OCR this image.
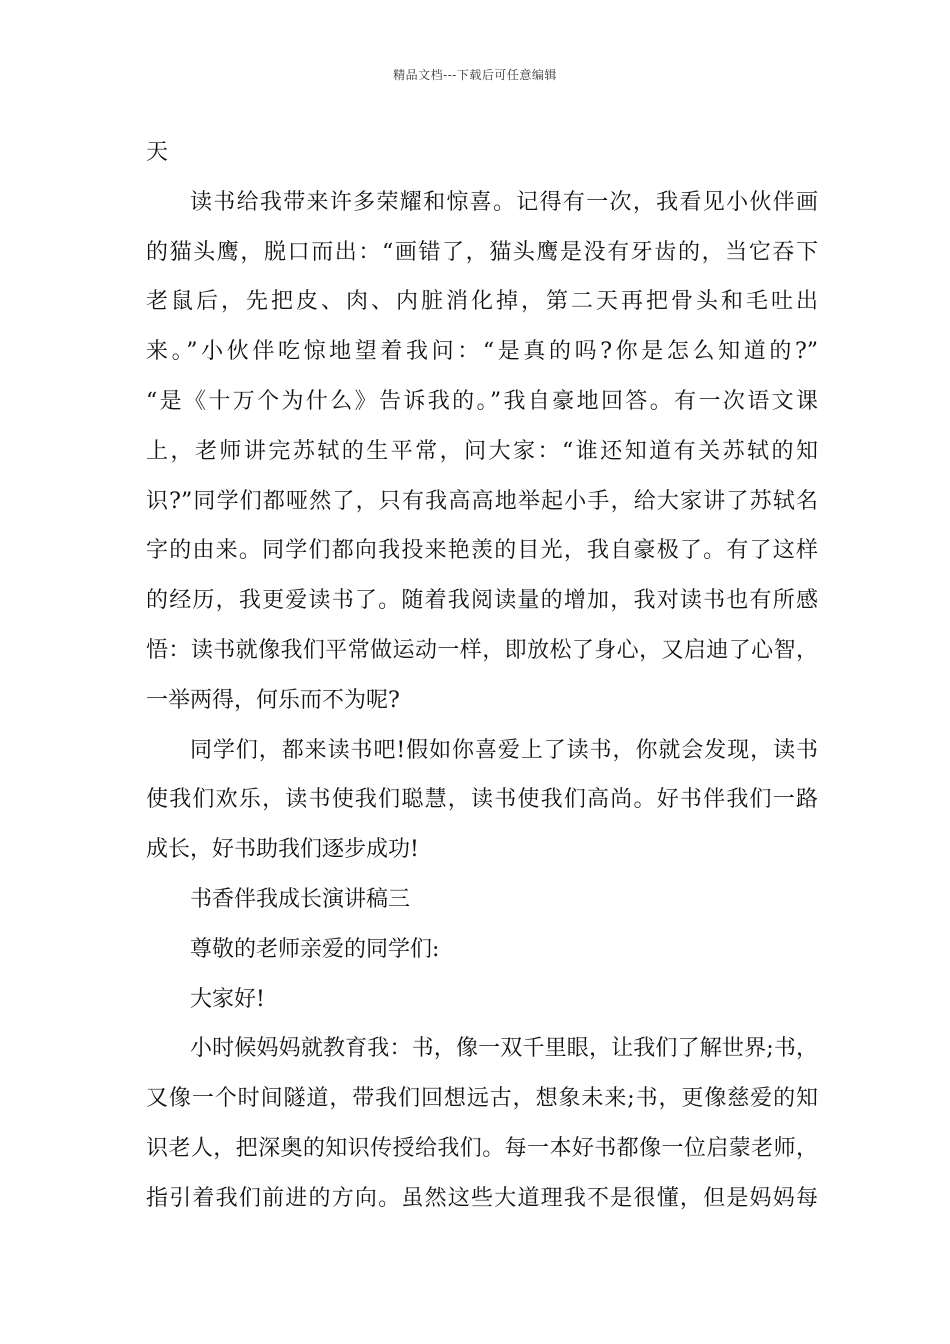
精品文档---下载后可任意编辑
天
读书给我带来许多荣耀和惊喜。记得有一次，我看见小伙伴画
的猫头鹰，脱口而出：“画错了，猫头鹰是没有牙齿的，当它吞下
老鼠后，先把皮、肉、内脏消化掉，第二天再把骨头和毛吐出
来。”小伙伴吃惊地望着我问：“是真的吗?你是怎么知道的?”
“是《十万个为什么》告诉我的。”我自豪地回答。有一次语文课
上，老师讲完苏轼的生平常，问大家：“谁还知道有关苏轼的知
识?”同学们都哑然了，只有我高高地举起小手，给大家讲了苏轼名
字的由来。同学们都向我投来艳羡的目光，我自豪极了。有了这样
的经历，我更爱读书了。随着我阅读量的增加，我对读书也有所感
悟：读书就像我们平常做运动一样，即放松了身心，又启迪了心智，
一举两得，何乐而不为呢?
同学们，都来读书吧!假如你喜爱上了读书，你就会发现，读书
使我们欢乐，读书使我们聪慧，读书使我们高尚。好书伴我们一路
成长，好书助我们逐步成功!
书香伴我成长演讲稿三
尊敬的老师亲爱的同学们:
大家好!
小时候妈妈就教育我：书，像一双千里眼，让我们了解世界;书，
又像一个时间隧道，带我们回想远古，想象未来;书，更像慈爱的知
识老人，把深奥的知识传授给我们。每一本好书都像一位启蒙老师，
指引着我们前进的方向。虽然这些大道理我不是很懂，但是妈妈每
